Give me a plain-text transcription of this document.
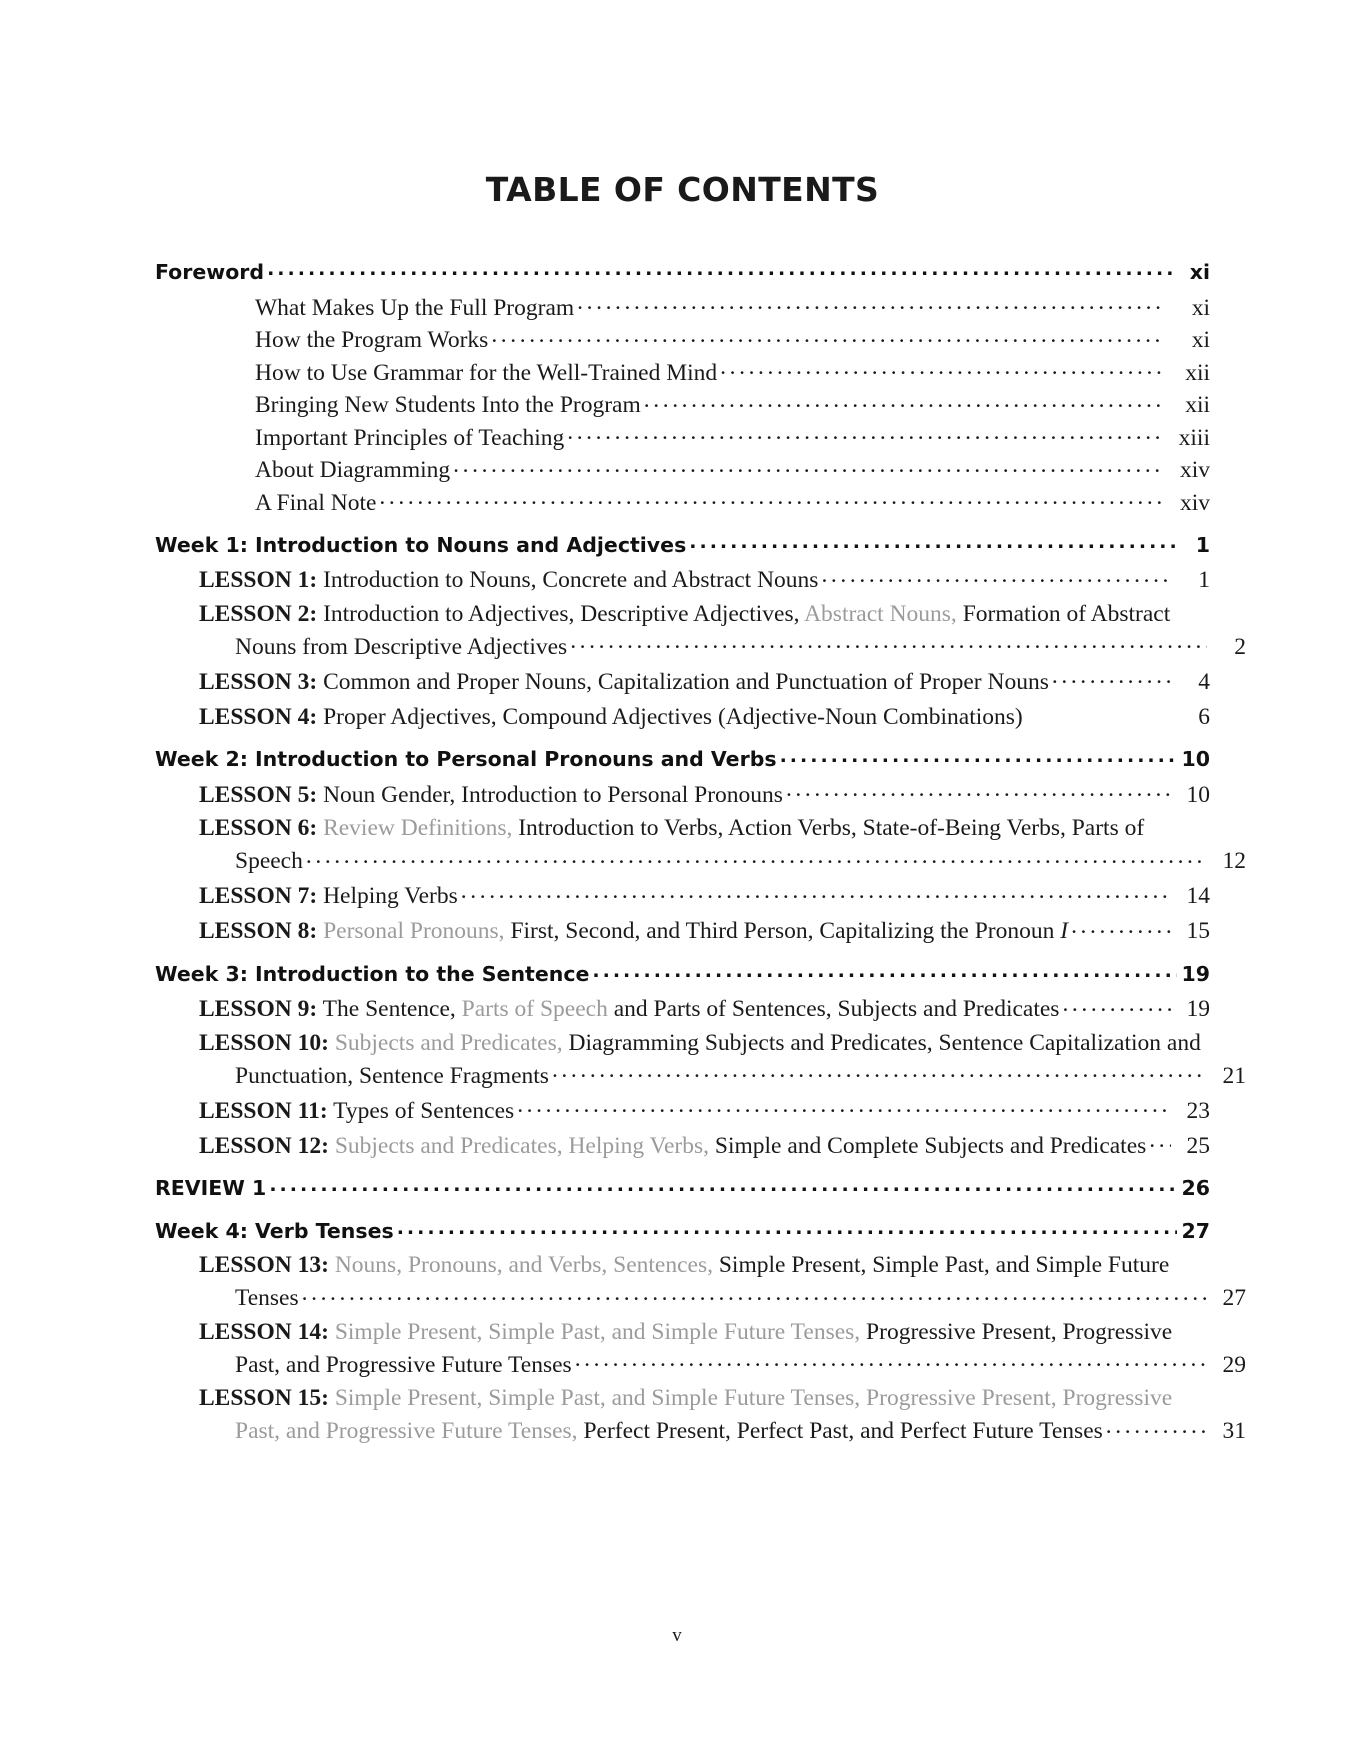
TABLE OF CONTENTS
Foreword .....	xi
What Makes Up the Full Program .....	xi
How the Program Works .....	xi
How to Use Grammar for the Well-Trained Mind .....	xii
Bringing New Students Into the Program .....	xii
Important Principles of Teaching .....	xiii
About Diagramming .....	xiv
A Final Note .....	xiv
Week 1: Introduction to Nouns and Adjectives .....	1
LESSON 1: Introduction to Nouns, Concrete and Abstract Nouns .....	1
LESSON 2: Introduction to Adjectives, Descriptive Adjectives, Abstract Nouns, Formation of Abstract
Nouns from Descriptive Adjectives .....	2
LESSON 3: Common and Proper Nouns, Capitalization and Punctuation of Proper Nouns .....	4
LESSON 4: Proper Adjectives, Compound Adjectives (Adjective-Noun Combinations)	6
Week 2: Introduction to Personal Pronouns and Verbs .....	10
LESSON 5: Noun Gender, Introduction to Personal Pronouns .....	10
LESSON 6: Review Definitions, Introduction to Verbs, Action Verbs, State-of-Being Verbs, Parts of
Speech .....	12
LESSON 7: Helping Verbs .....	14
LESSON 8: Personal Pronouns, First, Second, and Third Person, Capitalizing the Pronoun I .....	15
Week 3: Introduction to the Sentence .....	19
LESSON 9: The Sentence, Parts of Speech and Parts of Sentences, Subjects and Predicates .....	19
LESSON 10: Subjects and Predicates, Diagramming Subjects and Predicates, Sentence Capitalization and
Punctuation, Sentence Fragments .....	21
LESSON 11: Types of Sentences .....	23
LESSON 12: Subjects and Predicates, Helping Verbs, Simple and Complete Subjects and Predicates .....	25
REVIEW 1 .....	26
Week 4: Verb Tenses .....	27
LESSON 13: Nouns, Pronouns, and Verbs, Sentences, Simple Present, Simple Past, and Simple Future
Tenses .....	27
LESSON 14: Simple Present, Simple Past, and Simple Future Tenses, Progressive Present, Progressive
Past, and Progressive Future Tenses .....	29
LESSON 15: Simple Present, Simple Past, and Simple Future Tenses, Progressive Present, Progressive
Past, and Progressive Future Tenses, Perfect Present, Perfect Past, and Perfect Future Tenses .....	31
v
